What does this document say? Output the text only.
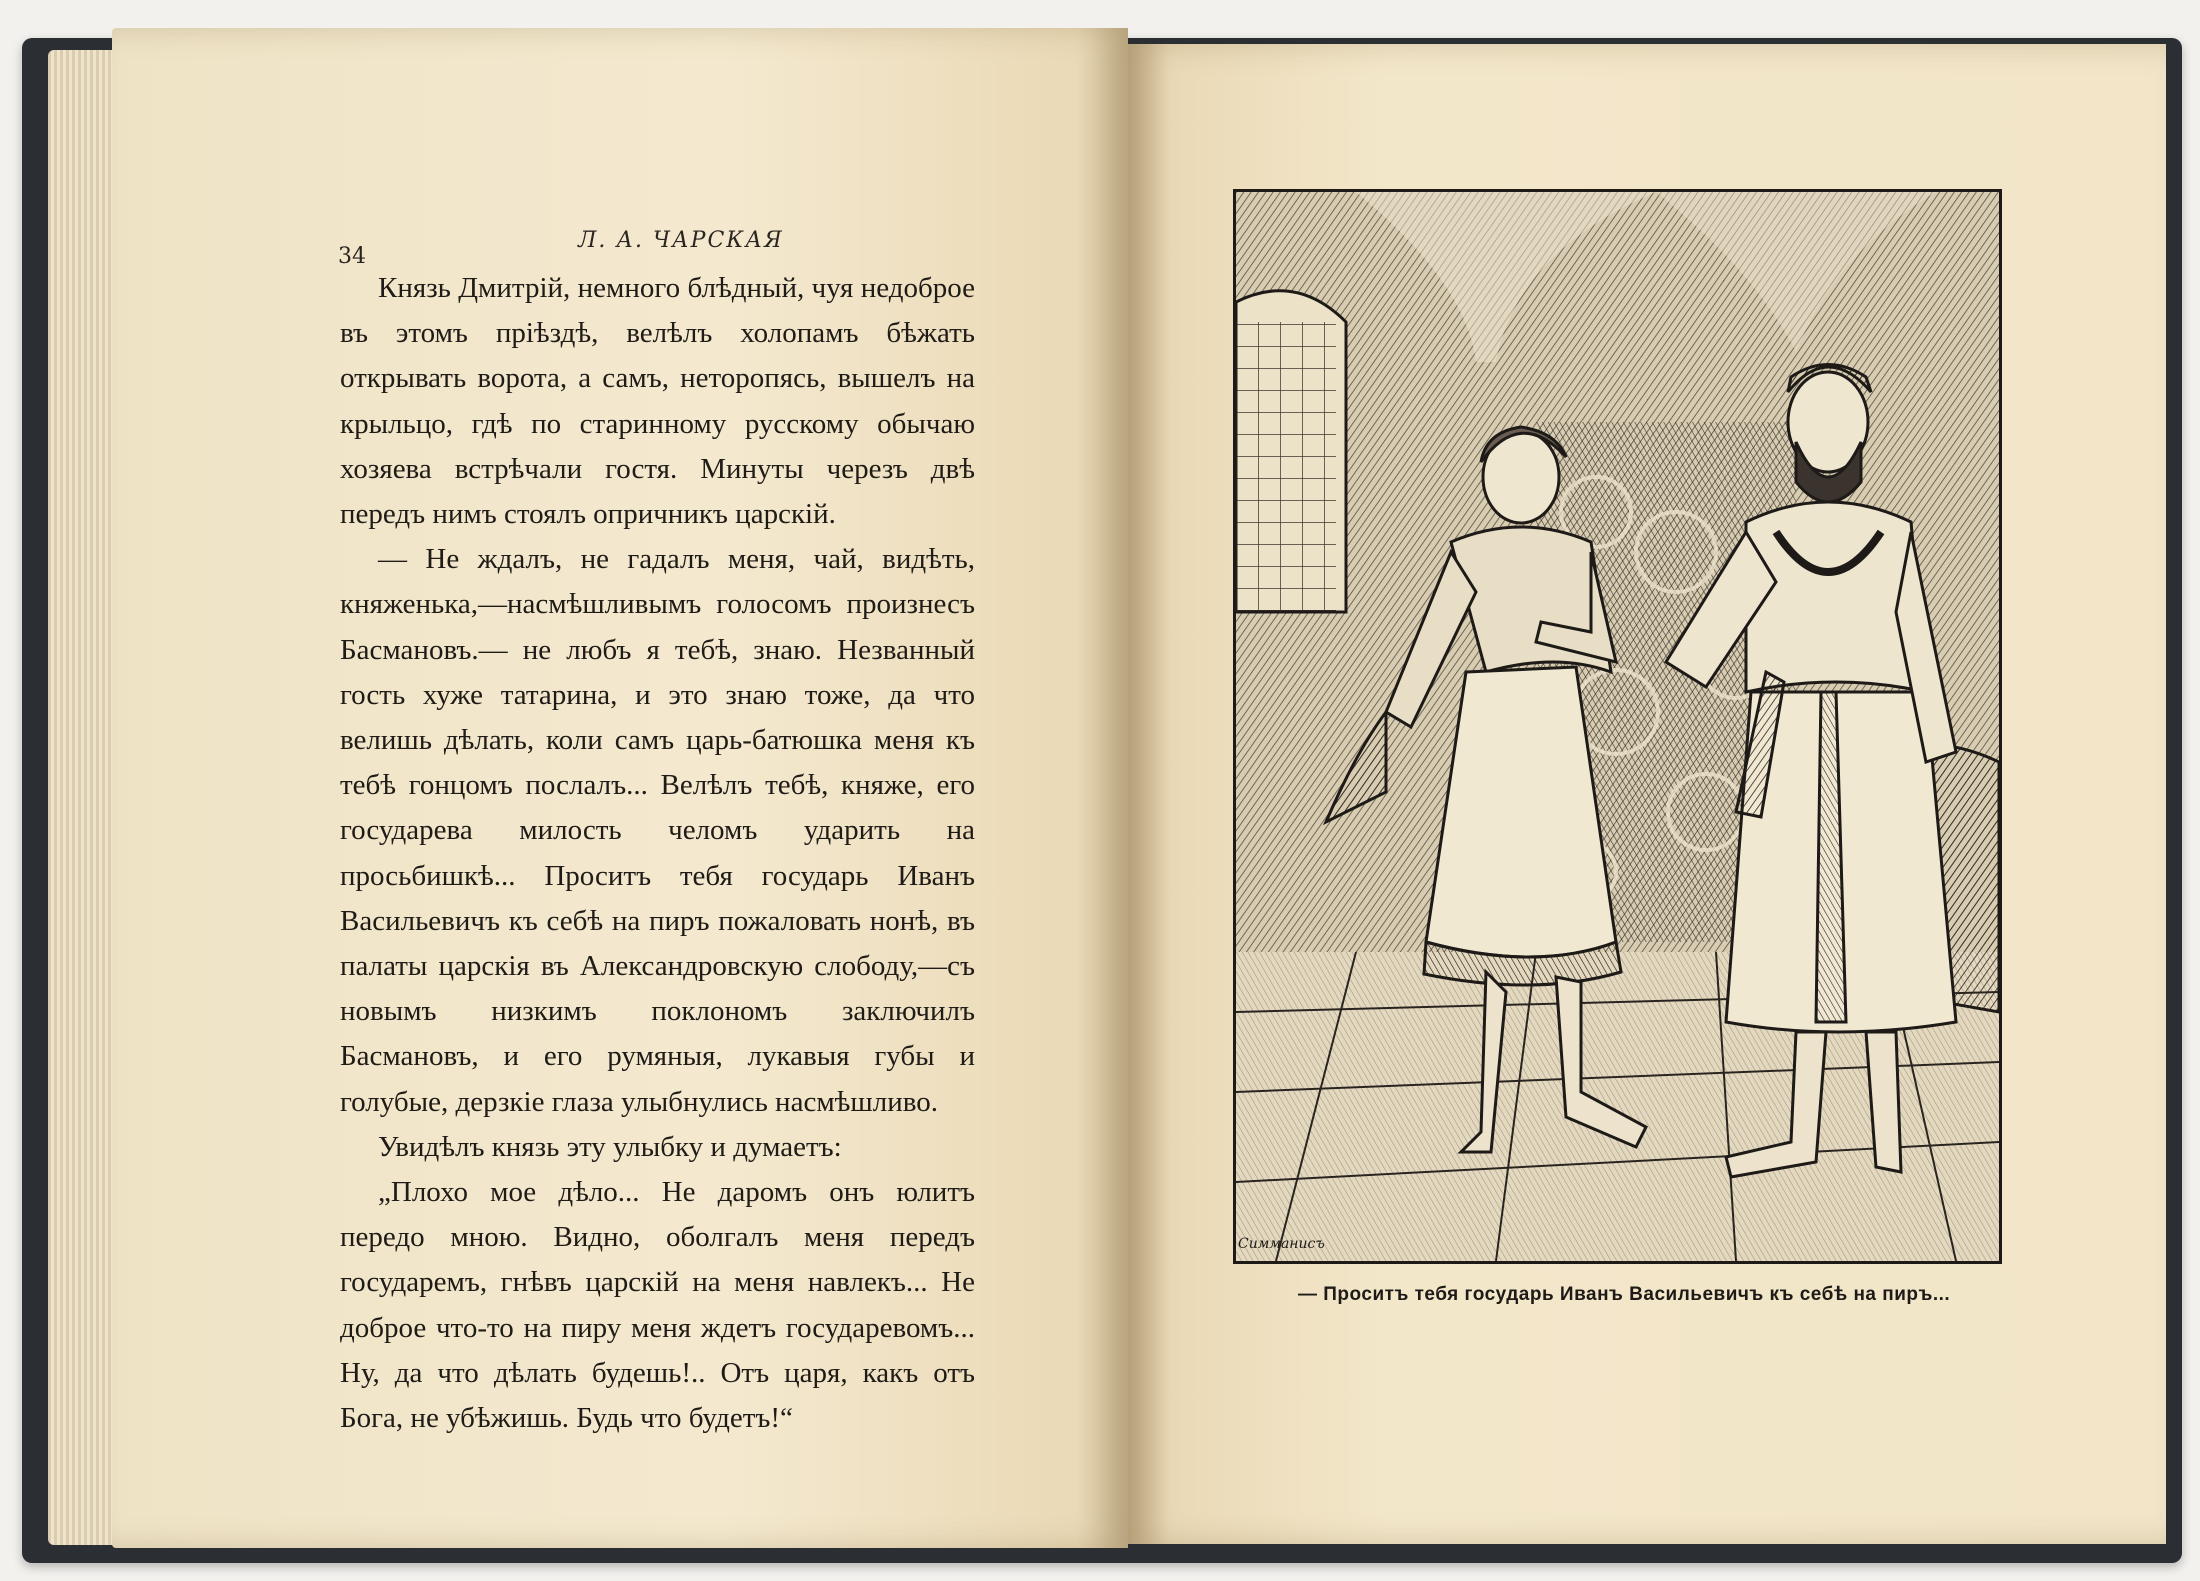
34
Л. А. ЧАРСКАЯ

Князь Дмитрій, немного блѣдный, чуя недоброе въ этомъ пріѣздѣ, велѣлъ холопамъ бѣжать открывать ворота, а самъ, неторопясь, вышелъ на крыльцо, гдѣ по старинному русскому обычаю хозяева встрѣчали гостя. Минуты черезъ двѣ передъ нимъ стоялъ опричникъ царскій.

— Не ждалъ, не гадалъ меня, чай, видѣть, княженька,—насмѣшливымъ голосомъ произнесъ Басмановъ.— не любъ я тебѣ, знаю. Незванный гость хуже татарина, и это знаю тоже, да что велишь дѣлать, коли самъ царь-батюшка меня къ тебѣ гонцомъ послалъ... Велѣлъ тебѣ, княже, его государева милость челомъ ударить на просьбишкѣ... Проситъ тебя государь Иванъ Васильевичъ къ себѣ на пиръ пожаловать нонѣ, въ палаты царскія въ Александровскую слободу,—съ новымъ низкимъ поклономъ заключилъ Басмановъ, и его румяныя, лукавыя губы и голубые, дерзкіе глаза улыбнулись насмѣшливо.

Увидѣлъ князь эту улыбку и думаетъ:

„Плохо мое дѣло... Не даромъ онъ юлитъ передо мною. Видно, оболгалъ меня передъ государемъ, гнѣвъ царскій на меня навлекъ... Не доброе что-то на пиру меня ждетъ государевомъ... Ну, да что дѣлать будешь!.. Отъ царя, какъ отъ Бога, не убѣжишь. Будь что будетъ!“

Симманисъ
— Проситъ тебя государь Иванъ Васильевичъ къ себѣ на пиръ...
